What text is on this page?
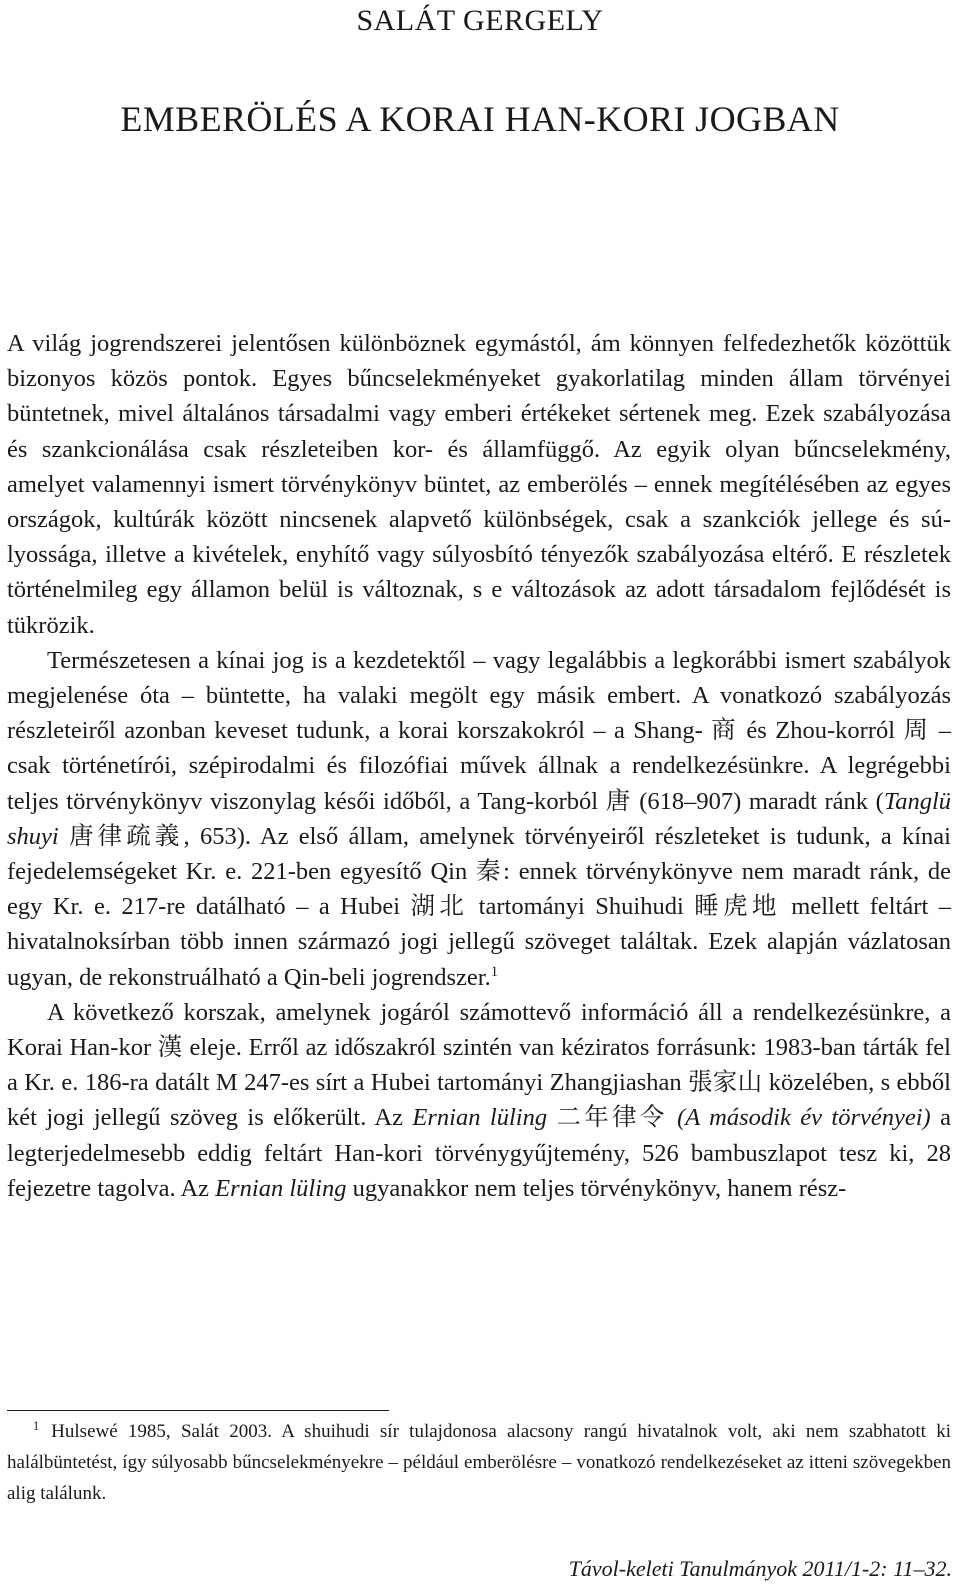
SALÁT GERGELY
EMBERÖLÉS A KORAI HAN-KORI JOGBAN

A világ jogrendszerei jelentősen különböznek egymástól, ám könnyen felfedezhetők közöttük bizonyos közös pontok. Egyes bűncselekményeket gyakorlatilag minden állam törvényei büntetnek, mivel általános társadalmi vagy emberi értékeket sértenek meg. Ezek szabályozása és szankcionálása csak részleteiben kor- és államfüggő. Az egyik olyan bűncselekmény, amelyet valamennyi ismert törvénykönyv büntet, az emberölés – ennek megítélésében az egyes országok, kultúrák között nincsenek alapvető különbségek, csak a szankciók jellege és súlyossága, illetve a kivételek, enyhítő vagy súlyosbító tényezők szabályozása eltérő. E részletek történelmileg egy államon belül is változnak, s e változások az adott társadalom fejlődését is tükrözik.

Természetesen a kínai jog is a kezdetektől – vagy legalábbis a legkorábbi ismert szabályok megjelenése óta – büntette, ha valaki megölt egy másik embert. A vonatkozó szabályozás részleteiről azonban keveset tudunk, a korai korszakokról – a Shang- 商 és Zhou-korról 周 – csak történetírói, szépirodalmi és filozófiai művek állnak a rendelkezésünkre. A legrégebbi teljes törvénykönyv viszonylag késői időből, a Tang-korból 唐 (618–907) maradt ránk (Tanglü shuyi 唐律疏義, 653). Az első állam, amelynek törvényeiről részleteket is tudunk, a kínai fejedelemségeket Kr. e. 221-ben egyesítő Qin 秦: ennek törvénykönyve nem maradt ránk, de egy Kr. e. 217-re datálható – a Hubei 湖北 tartományi Shuihudi 睡虎地 mellett feltárt – hivatalnoksírban több innen származó jogi jellegű szöveget találtak. Ezek alapján vázlatosan ugyan, de rekonstruálható a Qin-beli jogrendszer.$^1$

A következő korszak, amelynek jogáról számottevő információ áll a rendelkezésünkre, a Korai Han-kor 漢 eleje. Erről az időszakról szintén van kéziratos forrásunk: 1983-ban tárták fel a Kr. e. 186-ra datált M 247-es sírt a Hubei tartományi Zhangjiashan 張家山 közelében, s ebből két jogi jellegű szöveg is előkerült. Az Ernian lüling 二年律令 (A második év törvényei) a legterjedelmesebb eddig feltárt Han-kori törvénygyűjtemény, 526 bambuszlapot tesz ki, 28 fejezetre tagolva. Az Ernian lüling ugyanakkor nem teljes törvénykönyv, hanem rész-

$^1$ Hulsewé 1985, Salát 2003. A shuihudi sír tulajdonosa alacsony rangú hivatalnok volt, aki nem szabhatott ki halálbüntetést, így súlyosabb bűncselekményekre – például emberölésre – vonatkozó rendelkezéseket az itteni szövegekben alig találunk.

Távol-keleti Tanulmányok 2011/1-2: 11–32.
